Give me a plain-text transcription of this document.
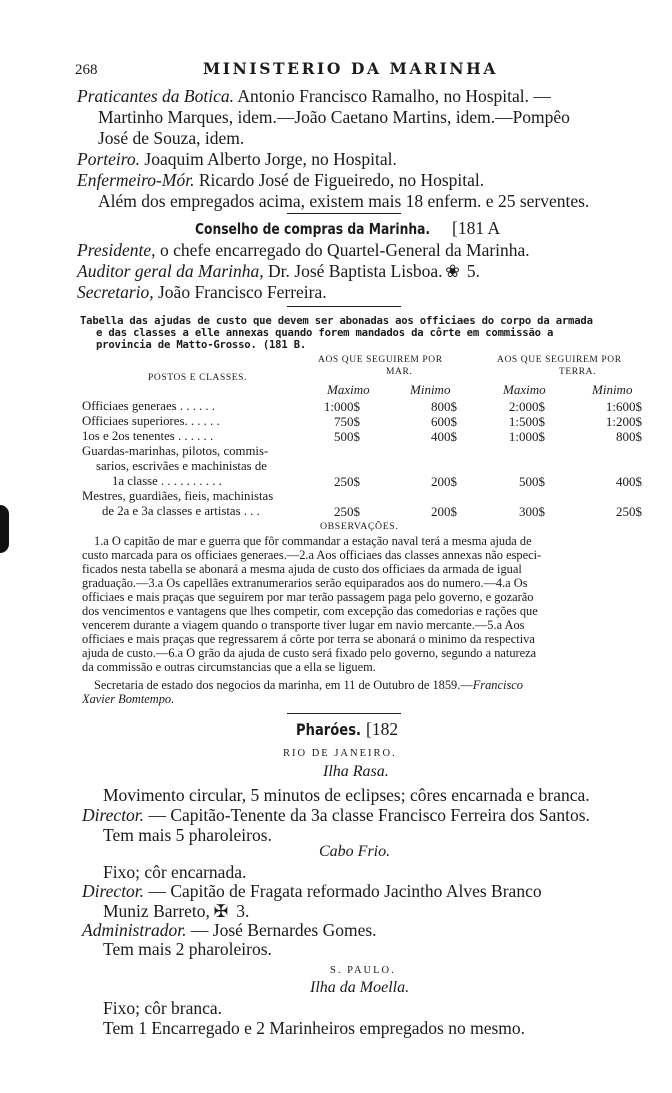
268	MINISTERIO DA MARINHA
Praticantes da Botica. Antonio Francisco Ramalho, no Hospital. —
Martinho Marques, idem.—João Caetano Martins, idem.—Pompêo
José de Souza, idem.
Porteiro. Joaquim Alberto Jorge, no Hospital.
Enfermeiro-Mór. Ricardo José de Figueiredo, no Hospital.
Além dos empregados acima, existem mais 18 enferm. e 25 serventes.
Conselho de compras da Marinha.	[181 A
Presidente, o chefe encarregado do Quartel-General da Marinha.
Auditor geral da Marinha, Dr. José Baptista Lisboa. ❀ 5.
Secretario, João Francisco Ferreira.
Tabella das ajudas de custo que devem ser abonadas aos officiaes do corpo da armada
e das classes a elle annexas quando forem mandados da côrte em commissão a
provincia de Matto-Grosso. (181 B.
AOS QUE SEGUIREM POR
MAR.
AOS QUE SEGUIREM POR
TERRA.
POSTOS E CLASSES.
Maximo	Minimo	Maximo	Minimo
Officiaes generaes . . . . . .	1:000$	800$	2:000$	1:600$
Officiaes superiores. . . . . .	750$	600$	1:500$	1:200$
1os e 2os tenentes . . . . . .	500$	400$	1:000$	800$
Guardas-marinhas, pilotos, commis-
sarios, escrivães e machinistas de
1a classe . . . . . . . . . .	250$	200$	500$	400$
Mestres, guardiães, fieis, machinistas
de 2a e 3a classes e artistas . . .	250$	200$	300$	250$
OBSERVAÇÕES.
1.a O capitão de mar e guerra que fôr commandar a estação naval terá a mesma ajuda de
custo marcada para os officiaes generaes.—2.a Aos officiaes das classes annexas não especi-
ficados nesta tabella se abonará a mesma ajuda de custo dos officiaes da armada de igual
graduação.—3.a Os capellães extranumerarios serão equiparados aos do numero.—4.a Os
officiaes e mais praças que seguirem por mar terão passagem paga pelo governo, e gozarão
dos vencimentos e vantagens que lhes competir, com excepção das comedorias e rações que
vencerem durante a viagem quando o transporte tiver lugar em navio mercante.—5.a Aos
officiaes e mais praças que regressarem á côrte por terra se abonará o minimo da respectiva
ajuda de custo.—6.a O grão da ajuda de custo será fixado pelo governo, segundo a natureza
da commissão e outras circumstancias que a ella se liguem.
Secretaria de estado dos negocios da marinha, em 11 de Outubro de 1859.—Francisco
Xavier Bomtempo.
Pharóes. [182
RIO DE JANEIRO.
Ilha Rasa.
Movimento circular, 5 minutos de eclipses; côres encarnada e branca.
Director. — Capitão-Tenente da 3a classe Francisco Ferreira dos Santos.
Tem mais 5 pharoleiros.
Cabo Frio.
Fixo; côr encarnada.
Director. — Capitão de Fragata reformado Jacintho Alves Branco
Muniz Barreto, ✠ 3.
Administrador. — José Bernardes Gomes.
Tem mais 2 pharoleiros.
S. PAULO.
Ilha da Moella.
Fixo; côr branca.
Tem 1 Encarregado e 2 Marinheiros empregados no mesmo.
